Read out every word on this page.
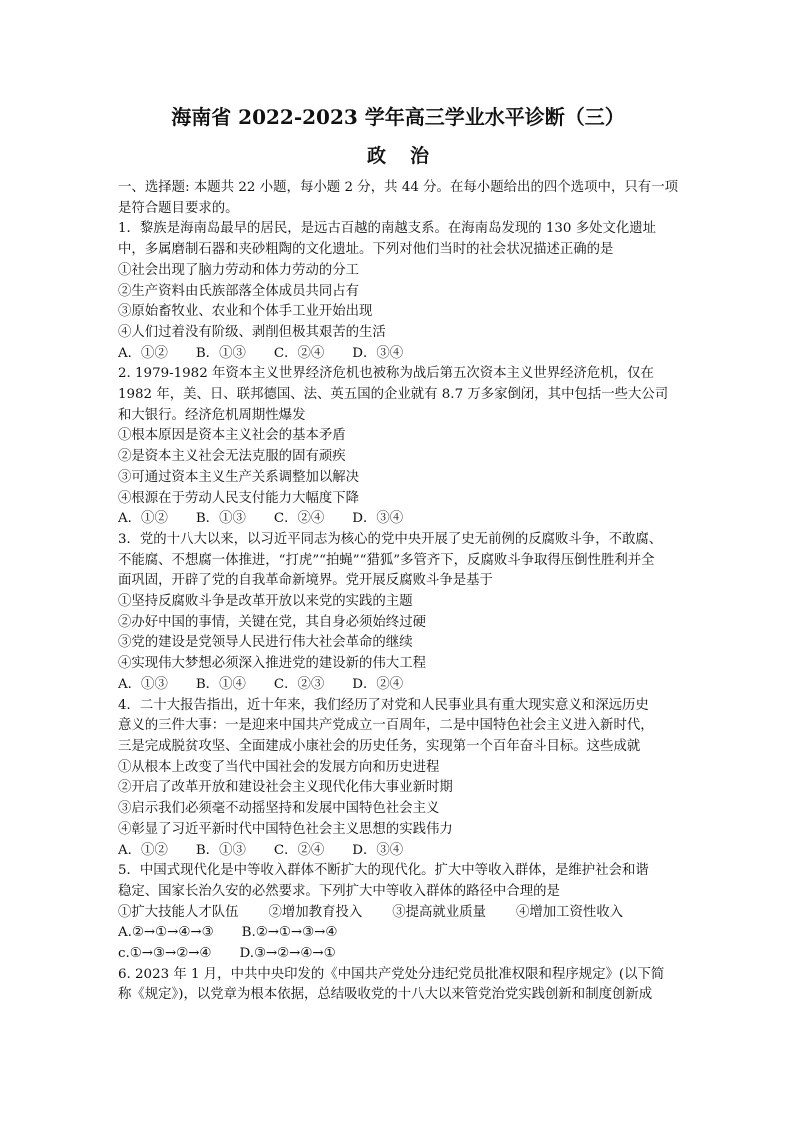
海南省 2022-2023 学年高三学业水平诊断（三）
政治

一、选择题: 本题共 22 小题，每小题 2 分，共 44 分。在每小题给出的四个选项中，只有一项是符合题目要求的。

1．黎族是海南岛最早的居民，是远古百越的南越支系。在海南岛发现的 130 多处文化遗址

中，多属磨制石器和夹砂粗陶的文化遗址。下列对他们当时的社会状况描述正确的是

①社会出现了脑力劳动和体力劳动的分工

②生产资料由氏族部落全体成员共同占有

③原始畜牧业、农业和个体手工业开始出现

④人们过着没有阶级、剥削但极其艰苦的生活

A．①② B．①③ C．②④ D．③④

2. 1979-1982 年资本主义世界经济危机也被称为战后第五次资本主义世界经济危机，仅在

1982 年，美、日、联邦德国、法、英五国的企业就有 8.7 万多家倒闭，其中包括一些大公司

和大银行。经济危机周期性爆发

①根本原因是资本主义社会的基本矛盾

②是资本主义社会无法克服的固有顽疾

③可通过资本主义生产关系调整加以解决

④根源在于劳动人民支付能力大幅度下降

A．①② B．①③ C．②④ D．③④

3．党的十八大以来，以习近平同志为核心的党中央开展了史无前例的反腐败斗争，不敢腐、

不能腐、不想腐一体推进，“打虎”“拍蝇”“猎狐”多管齐下，反腐败斗争取得压倒性胜利并全

面巩固，开辟了党的自我革命新境界。党开展反腐败斗争是基于

①坚持反腐败斗争是改革开放以来党的实践的主题

②办好中国的事情，关键在党，其自身必须始终过硬

③党的建设是党领导人民进行伟大社会革命的继续

④实现伟大梦想必须深入推进党的建设新的伟大工程

A．①③ B．①④ C．②③ D．②④

4．二十大报告指出，近十年来，我们经历了对党和人民事业具有重大现实意义和深远历史

意义的三件大事：一是迎来中国共产党成立一百周年，二是中国特色社会主义进入新时代，

三是完成脱贫攻坚、全面建成小康社会的历史任务，实现第一个百年奋斗目标。这些成就

①从根本上改变了当代中国社会的发展方向和历史进程

②开启了改革开放和建设社会主义现代化伟大事业新时期

③启示我们必须毫不动摇坚持和发展中国特色社会主义

④彰显了习近平新时代中国特色社会主义思想的实践伟力

A．①② B．①③ C．②④ D．③④

5．中国式现代化是中等收入群体不断扩大的现代化。扩大中等收入群体，是维护社会和谐

稳定、国家长治久安的必然要求。下列扩大中等收入群体的路径中合理的是

①扩大技能人才队伍 ②增加教育投入 ③提高就业质量 ④增加工资性收入

A.②→①→④→③ B.②→①→③→④

c.①→③→②→④ D.③→②→④→①

6. 2023 年 1 月，中共中央印发的《中国共产党处分违纪党员批准权限和程序规定》(以下简

称《规定》)，以党章为根本依据，总结吸收党的十八大以来管党治党实践创新和制度创新成
